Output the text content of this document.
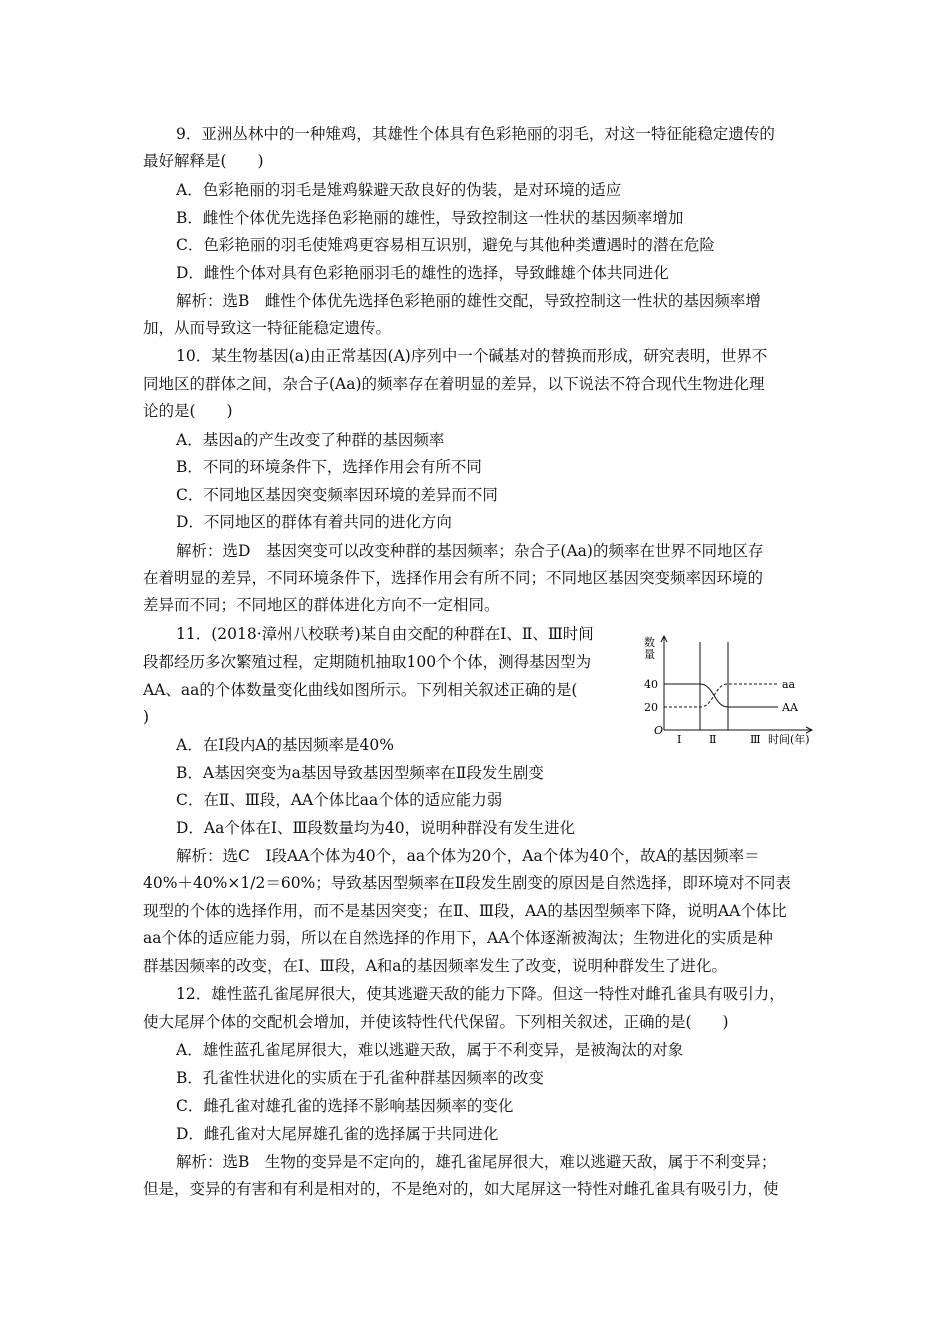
9．亚洲丛林中的一种雉鸡，其雄性个体具有色彩艳丽的羽毛，对这一特征能稳定遗传的
最好解释是(　　)
A．色彩艳丽的羽毛是雉鸡躲避天敌良好的伪装，是对环境的适应
B．雌性个体优先选择色彩艳丽的雄性，导致控制这一性状的基因频率增加
C．色彩艳丽的羽毛使雉鸡更容易相互识别，避免与其他种类遭遇时的潜在危险
D．雌性个体对具有色彩艳丽羽毛的雄性的选择，导致雌雄个体共同进化
解析：选B　雌性个体优先选择色彩艳丽的雄性交配，导致控制这一性状的基因频率增
加，从而导致这一特征能稳定遗传。
10．某生物基因(a)由正常基因(A)序列中一个碱基对的替换而形成，研究表明，世界不
同地区的群体之间，杂合子(Aa)的频率存在着明显的差异，以下说法不符合现代生物进化理
论的是(　　)
A．基因a的产生改变了种群的基因频率
B．不同的环境条件下，选择作用会有所不同
C．不同地区基因突变频率因环境的差异而不同
D．不同地区的群体有着共同的进化方向
解析：选D　基因突变可以改变种群的基因频率；杂合子(Aa)的频率在世界不同地区存
在着明显的差异，不同环境条件下，选择作用会有所不同；不同地区基因突变频率因环境的
差异而不同；不同地区的群体进化方向不一定相同。
11．(2018·漳州八校联考)某自由交配的种群在Ⅰ、Ⅱ、Ⅲ时间
段都经历多次繁殖过程，定期随机抽取100个个体，测得基因型为
AA、aa的个体数量变化曲线如图所示。下列相关叙述正确的是(　
)
数
量
20
40
O
Ⅰ	Ⅱ	Ⅲ 时间(年)
aa
AA
A．在Ⅰ段内A的基因频率是40%
B．A基因突变为a基因导致基因型频率在Ⅱ段发生剧变
C．在Ⅱ、Ⅲ段，AA个体比aa个体的适应能力弱
D．Aa个体在Ⅰ、Ⅲ段数量均为40，说明种群没有发生进化
解析：选C　Ⅰ段AA个体为40个，aa个体为20个，Aa个体为40个，故A的基因频率＝
40%＋40%×1/2＝60%；导致基因型频率在Ⅱ段发生剧变的原因是自然选择，即环境对不同表
现型的个体的选择作用，而不是基因突变；在Ⅱ、Ⅲ段，AA的基因型频率下降，说明AA个体比
aa个体的适应能力弱，所以在自然选择的作用下，AA个体逐渐被淘汰；生物进化的实质是种
群基因频率的改变，在Ⅰ、Ⅲ段，A和a的基因频率发生了改变，说明种群发生了进化。
12．雄性蓝孔雀尾屏很大，使其逃避天敌的能力下降。但这一特性对雌孔雀具有吸引力，
使大尾屏个体的交配机会增加，并使该特性代代保留。下列相关叙述，正确的是(　　)
A．雄性蓝孔雀尾屏很大，难以逃避天敌，属于不利变异，是被淘汰的对象
B．孔雀性状进化的实质在于孔雀种群基因频率的改变
C．雌孔雀对雄孔雀的选择不影响基因频率的变化
D．雌孔雀对大尾屏雄孔雀的选择属于共同进化
解析：选B　生物的变异是不定向的，雄孔雀尾屏很大，难以逃避天敌，属于不利变异；
但是，变异的有害和有利是相对的，不是绝对的，如大尾屏这一特性对雌孔雀具有吸引力，使
